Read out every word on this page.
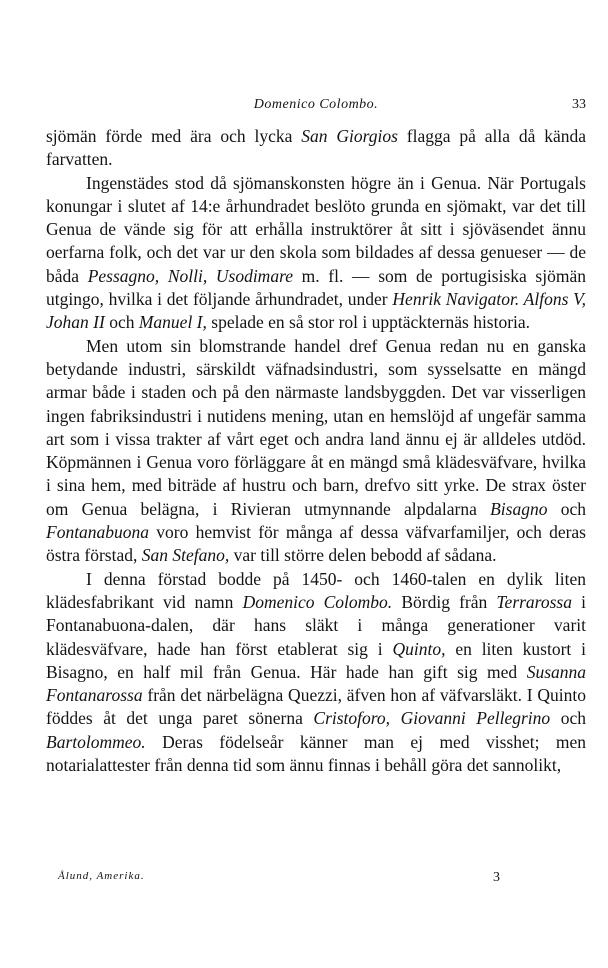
Domenico Colombo.	33

sjömän förde med ära och lycka San Giorgios flagga på alla då kända farvatten.

Ingenstädes stod då sjömanskonsten högre än i Genua. När Portugals konungar i slutet af 14:e århundradet beslöto grunda en sjömakt, var det till Genua de vände sig för att erhålla instruktörer åt sitt i sjöväsendet ännu oerfarna folk, och det var ur den skola som bildades af dessa genueser — de båda Pessagno, Nolli, Usodimare m. fl. — som de portugisiska sjömän utgingo, hvilka i det följande århundradet, under Henrik Navigator. Alfons V, Johan II och Manuel I, spelade en så stor rol i upptäckternäs historia.

Men utom sin blomstrande handel dref Genua redan nu en ganska betydande industri, särskildt väfnadsindustri, som sysselsatte en mängd armar både i staden och på den närmaste landsbyggden. Det var visserligen ingen fabriksindustri i nutidens mening, utan en hemslöjd af ungefär samma art som i vissa trakter af vårt eget och andra land ännu ej är alldeles utdöd. Köpmännen i Genua voro förläggare åt en mängd små klädesväfvare, hvilka i sina hem, med biträde af hustru och barn, drefvo sitt yrke. De strax öster om Genua belägna, i Rivieran utmynnande alpdalarna Bisagno och Fontanabuona voro hemvist för många af dessa väfvarfamiljer, och deras östra förstad, San Stefano, var till större delen bebodd af sådana.

I denna förstad bodde på 1450- och 1460-talen en dylik liten klädesfabrikant vid namn Domenico Colombo. Bördig från Terrarossa i Fontanabuona-dalen, där hans släkt i många generationer varit klädesväfvare, hade han först etablerat sig i Quinto, en liten kustort i Bisagno, en half mil från Genua. Här hade han gift sig med Susanna Fontanarossa från det närbelägna Quezzi, äfven hon af väfvarsläkt. I Quinto föddes åt det unga paret sönerna Cristoforo, Giovanni Pellegrino och Bartolommeo. Deras födelseår känner man ej med visshet; men notarialattester från denna tid som ännu finnas i behåll göra det sannolikt,

Ålund, Amerika.	3
